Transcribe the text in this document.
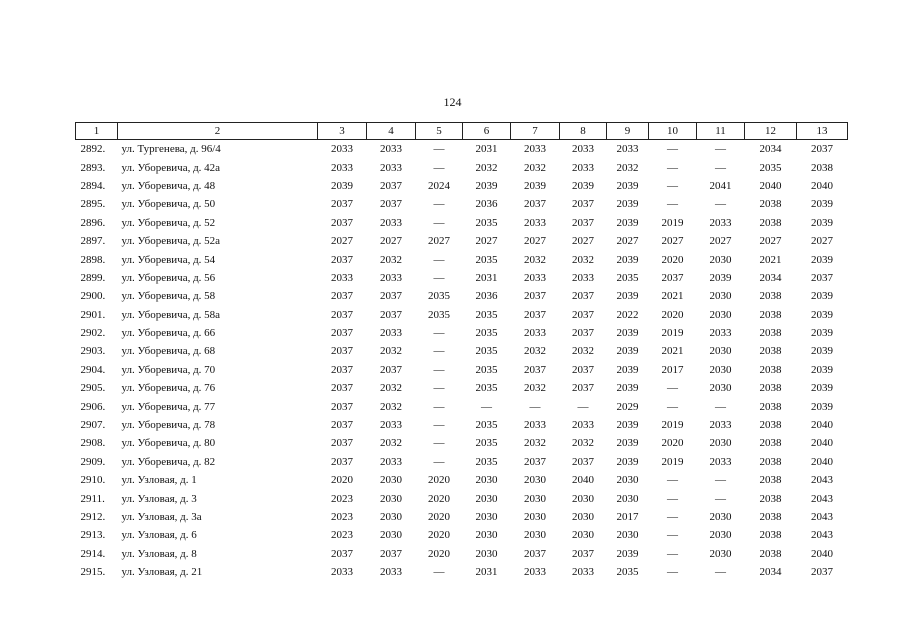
124
1	2	3	4	5	6	7	8	9	10	11	12	13
2892.	ул. Тургенева, д. 96/4	2033	2033	—	2031	2033	2033	2033	—	—	2034	2037
2893.	ул. Уборевича, д. 42а	2033	2033	—	2032	2032	2033	2032	—	—	2035	2038
2894.	ул. Уборевича, д. 48	2039	2037	2024	2039	2039	2039	2039	—	2041	2040	2040
2895.	ул. Уборевича, д. 50	2037	2037	—	2036	2037	2037	2039	—	—	2038	2039
2896.	ул. Уборевича, д. 52	2037	2033	—	2035	2033	2037	2039	2019	2033	2038	2039
2897.	ул. Уборевича, д. 52а	2027	2027	2027	2027	2027	2027	2027	2027	2027	2027	2027
2898.	ул. Уборевича, д. 54	2037	2032	—	2035	2032	2032	2039	2020	2030	2021	2039
2899.	ул. Уборевича, д. 56	2033	2033	—	2031	2033	2033	2035	2037	2039	2034	2037
2900.	ул. Уборевича, д. 58	2037	2037	2035	2036	2037	2037	2039	2021	2030	2038	2039
2901.	ул. Уборевича, д. 58а	2037	2037	2035	2035	2037	2037	2022	2020	2030	2038	2039
2902.	ул. Уборевича, д. 66	2037	2033	—	2035	2033	2037	2039	2019	2033	2038	2039
2903.	ул. Уборевича, д. 68	2037	2032	—	2035	2032	2032	2039	2021	2030	2038	2039
2904.	ул. Уборевича, д. 70	2037	2037	—	2035	2037	2037	2039	2017	2030	2038	2039
2905.	ул. Уборевича, д. 76	2037	2032	—	2035	2032	2037	2039	—	2030	2038	2039
2906.	ул. Уборевича, д. 77	2037	2032	—	—	—	—	2029	—	—	2038	2039
2907.	ул. Уборевича, д. 78	2037	2033	—	2035	2033	2033	2039	2019	2033	2038	2040
2908.	ул. Уборевича, д. 80	2037	2032	—	2035	2032	2032	2039	2020	2030	2038	2040
2909.	ул. Уборевича, д. 82	2037	2033	—	2035	2037	2037	2039	2019	2033	2038	2040
2910.	ул. Узловая, д. 1	2020	2030	2020	2030	2030	2040	2030	—	—	2038	2043
2911.	ул. Узловая, д. 3	2023	2030	2020	2030	2030	2030	2030	—	—	2038	2043
2912.	ул. Узловая, д. 3а	2023	2030	2020	2030	2030	2030	2017	—	2030	2038	2043
2913.	ул. Узловая, д. 6	2023	2030	2020	2030	2030	2030	2030	—	2030	2038	2043
2914.	ул. Узловая, д. 8	2037	2037	2020	2030	2037	2037	2039	—	2030	2038	2040
2915.	ул. Узловая, д. 21	2033	2033	—	2031	2033	2033	2035	—	—	2034	2037
